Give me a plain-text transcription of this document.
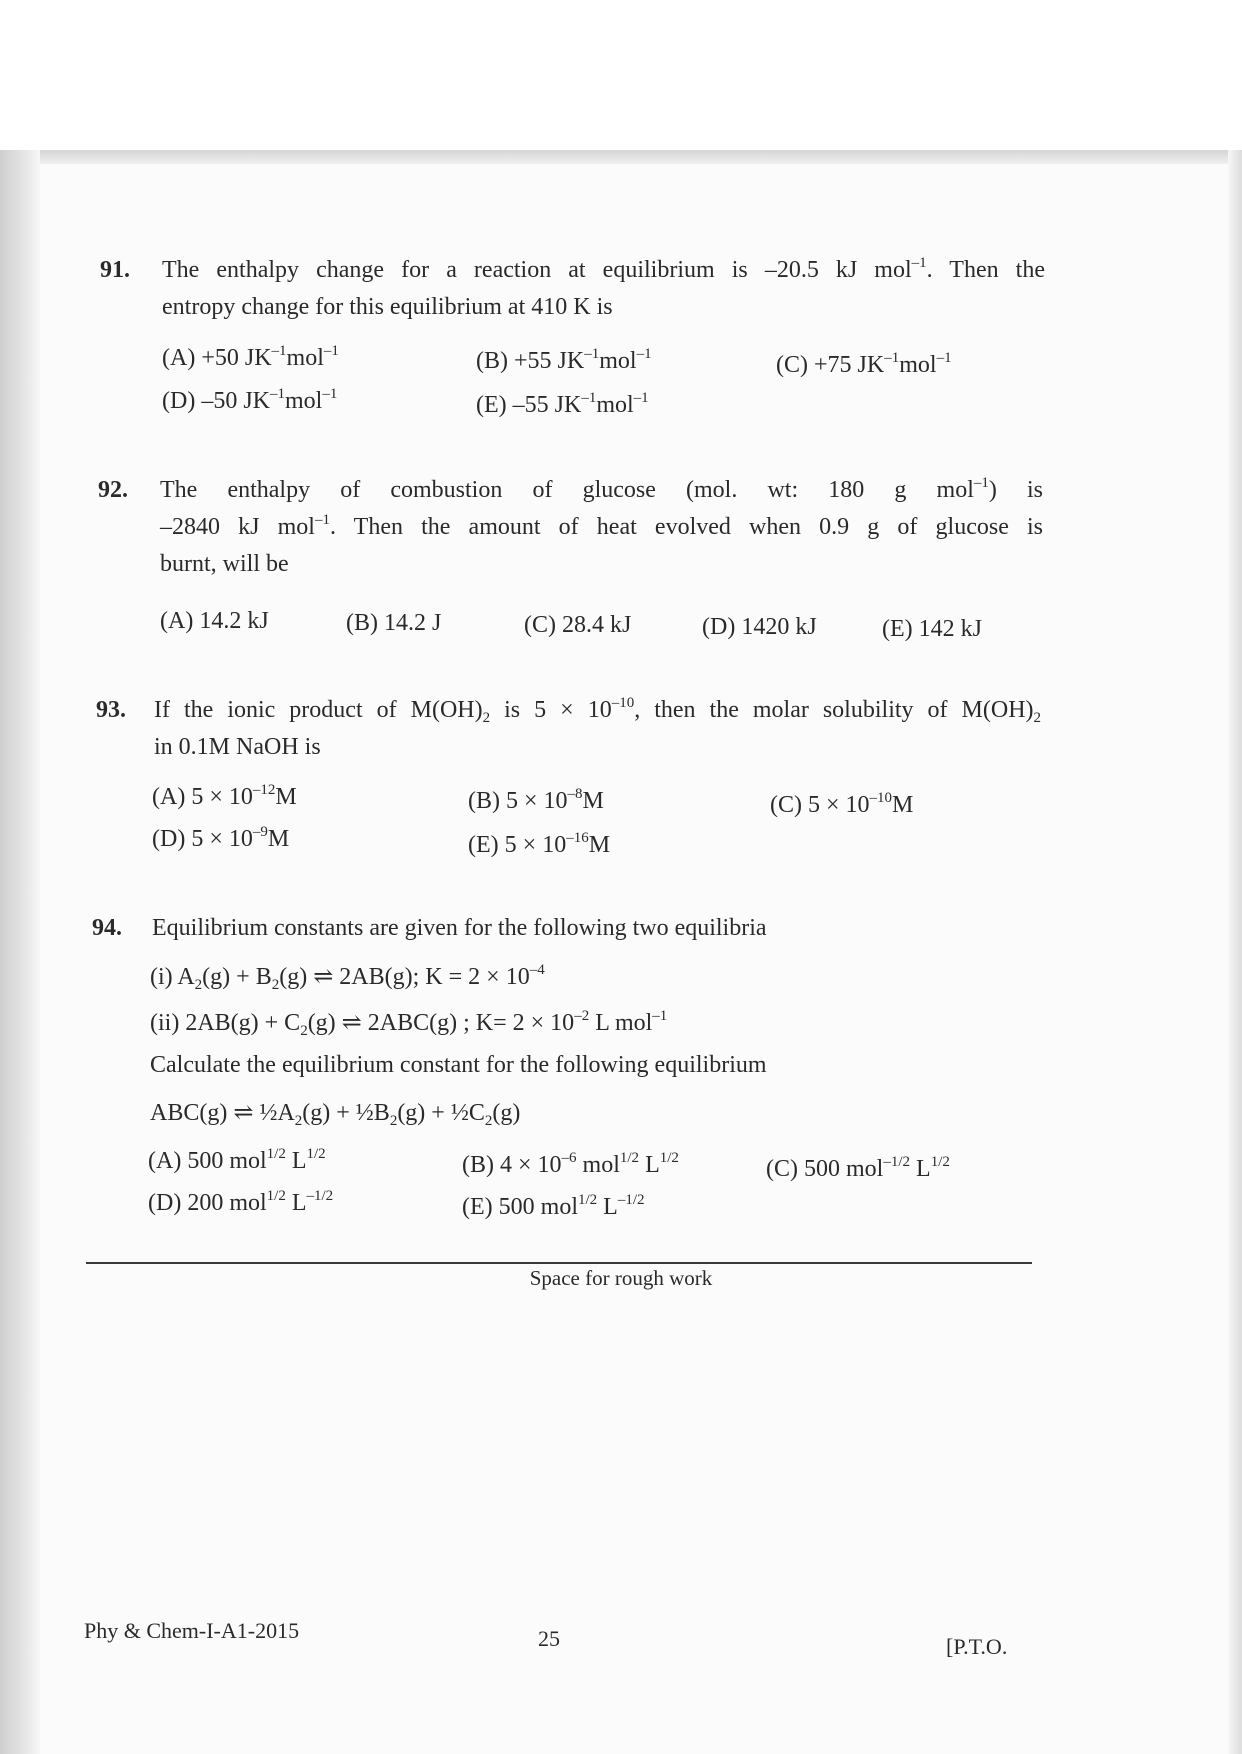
91. The enthalpy change for a reaction at equilibrium is –20.5 kJ mol$^{-1}$. Then the
entropy change for this equilibrium at 410 K is
(A) +50 $JK^{-1}mol^{-1}$	(B) +55 $JK^{-1}mol^{-1}$	(C) +75 $JK^{-1}mol^{-1}$
(D) –50 $JK^{-1}mol^{-1}$	(E) –55 $JK^{-1}mol^{-1}$
92. The enthalpy of combustion of glucose (mol. wt: 180 g mol$^{-1}$) is
–2840 kJ mol$^{-1}$. Then the amount of heat evolved when 0.9 g of glucose is
burnt, will be
(A) 14.2 kJ	(B) 14.2 J	(C) 28.4 kJ	(D) 1420 kJ	(E) 142 kJ
93. If the ionic product of $M(OH)_2$ is $5 \times 10^{-10}$, then the molar solubility of $M(OH)_2$
in 0.1M NaOH is
(A) $5 \times 10^{-12}M$	(B) $5 \times 10^{-8}M$	(C) $5 \times 10^{-10}M$
(D) $5 \times 10^{-9}M$	(E) $5 \times 10^{-16}M$
94. Equilibrium constants are given for the following two equilibria
(i) $A_2(g) + B_2(g)$ ⇌ 2AB(g); $K = 2 \times 10^{-4}$
(ii) $2AB(g) + C_2(g)$ ⇌ 2ABC(g) ; $K= 2 \times 10^{-2}$ L mol$^{-1}$
Calculate the equilibrium constant for the following equilibrium
ABC(g) ⇌ $\frac{1}{2}A_2(g)$ + $\frac{1}{2}B_2(g)$ + $\frac{1}{2}C_2(g)$
(A) 500 mol$^{1/2}$ $L^{1/2}$	(B) $4 \times 10^{-6}$ mol$^{1/2}$ $L^{1/2}$	(C) 500 mol$^{-1/2}$ $L^{1/2}$
(D) 200 mol$^{1/2}$ $L^{-1/2}$	(E) 500 mol$^{1/2}$ $L^{-1/2}$
Space for rough work
Phy & Chem-I-A1-2015	25	[P.T.O.
